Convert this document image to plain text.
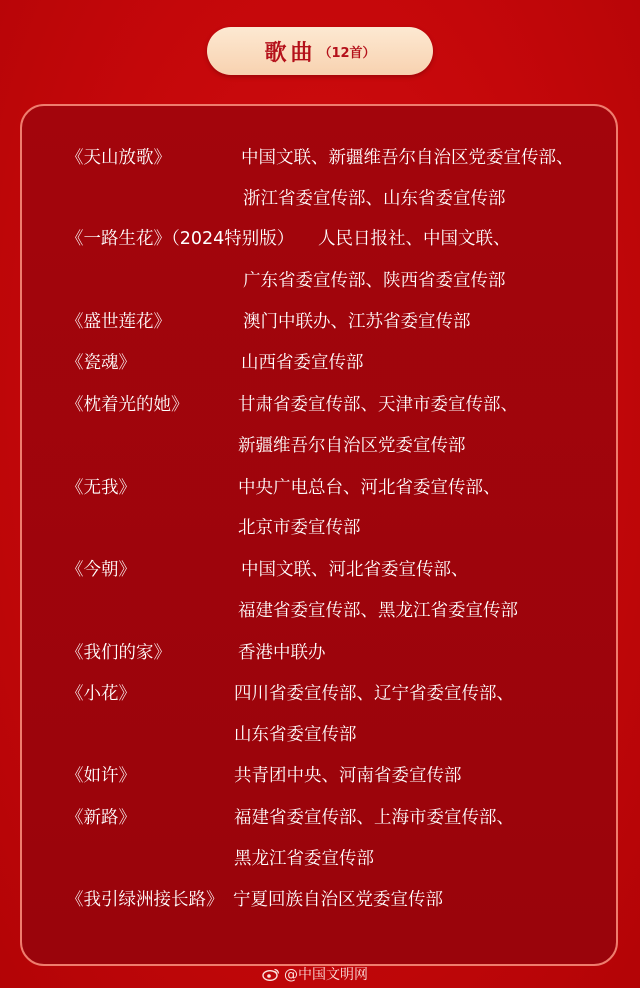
歌曲 （12首）
《天山放歌》	中国文联、新疆维吾尔自治区党委宣传部、
浙江省委宣传部、山东省委宣传部
《一路生花》（2024特别版） 人民日报社、中国文联、
广东省委宣传部、陕西省委宣传部
《盛世莲花》	澳门中联办、江苏省委宣传部
《瓷魂》	山西省委宣传部
《枕着光的她》	甘肃省委宣传部、天津市委宣传部、
新疆维吾尔自治区党委宣传部
《无我》	中央广电总台、河北省委宣传部、
北京市委宣传部
《今朝》	中国文联、河北省委宣传部、
福建省委宣传部、黑龙江省委宣传部
《我们的家》	香港中联办
《小花》	四川省委宣传部、辽宁省委宣传部、
山东省委宣传部
《如许》	共青团中央、河南省委宣传部
《新路》	福建省委宣传部、上海市委宣传部、
黑龙江省委宣传部
《我引绿洲接长路》 宁夏回族自治区党委宣传部
@中国文明网
